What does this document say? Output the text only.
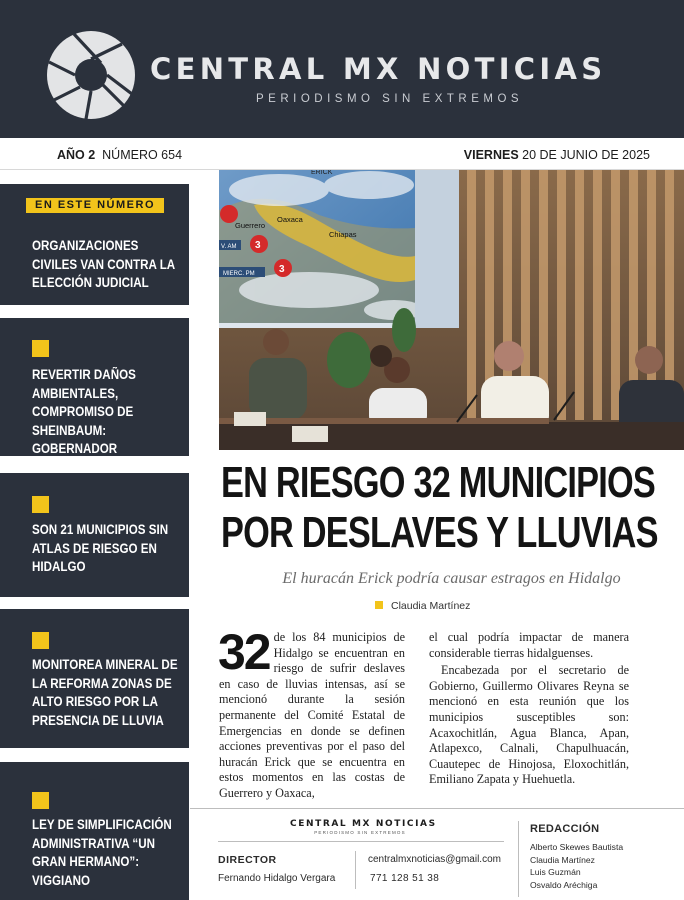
CENTRAL MX NOTICIAS
PERIODISMO SIN EXTREMOS
AÑO 2 NÚMERO 654	VIERNES 20 DE JUNIO DE 2025
EN ESTE NÚMERO
ORGANIZACIONES CIVILES VAN CONTRA LA ELECCIÓN JUDICIAL
REVERTIR DAÑOS AMBIENTALES, COMPROMISO DE SHEINBAUM: GOBERNADOR
SON 21 MUNICIPIOS SIN ATLAS DE RIESGO EN HIDALGO
MONITOREA MINERAL DE LA REFORMA ZONAS DE ALTO RIESGO POR LA PRESENCIA DE LLUVIA
LEY DE SIMPLIFICACIÓN ADMINISTRATIVA “UN GRAN HERMANO”: VIGGIANO
ERICK
Guerrero
Oaxaca
Chiapas
3
3
V. AM
MIERC. PM
EN RIESGO 32 MUNICIPIOS POR DESLAVES Y LLUVIAS
El huracán Erick podría causar estragos en Hidalgo
Claudia Martínez

32 de los 84 municipios de Hidalgo se encuentran en riesgo de sufrir deslaves en caso de lluvias intensas, así se mencionó durante la sesión permanente del Comité Estatal de Emergencias en donde se definen acciones preventivas por el paso del huracán Erick que se encuentra en estos momentos en las costas de Guerrero y Oaxaca,

el cual podría impactar de manera considerable tierras hidalguenses.

Encabezada por el secretario de Gobierno, Guillermo Olivares Reyna se mencionó en esta reunión que los municipios susceptibles son: Acaxochitlán, Agua Blanca, Apan, Atlapexco, Calnali, Chapulhuacán, Cuautepec de Hinojosa, Eloxochitlán, Emiliano Zapata y Huehuetla.

CENTRAL MX NOTICIAS
PERIODISMO SIN EXTREMOS
DIRECTOR
Fernando Hidalgo Vergara
centralmxnoticias@gmail.com
771 128 51 38
REDACCIÓN
Alberto Skewes Bautista
Claudia Martínez
Luis Guzmán
Osvaldo Aréchiga
